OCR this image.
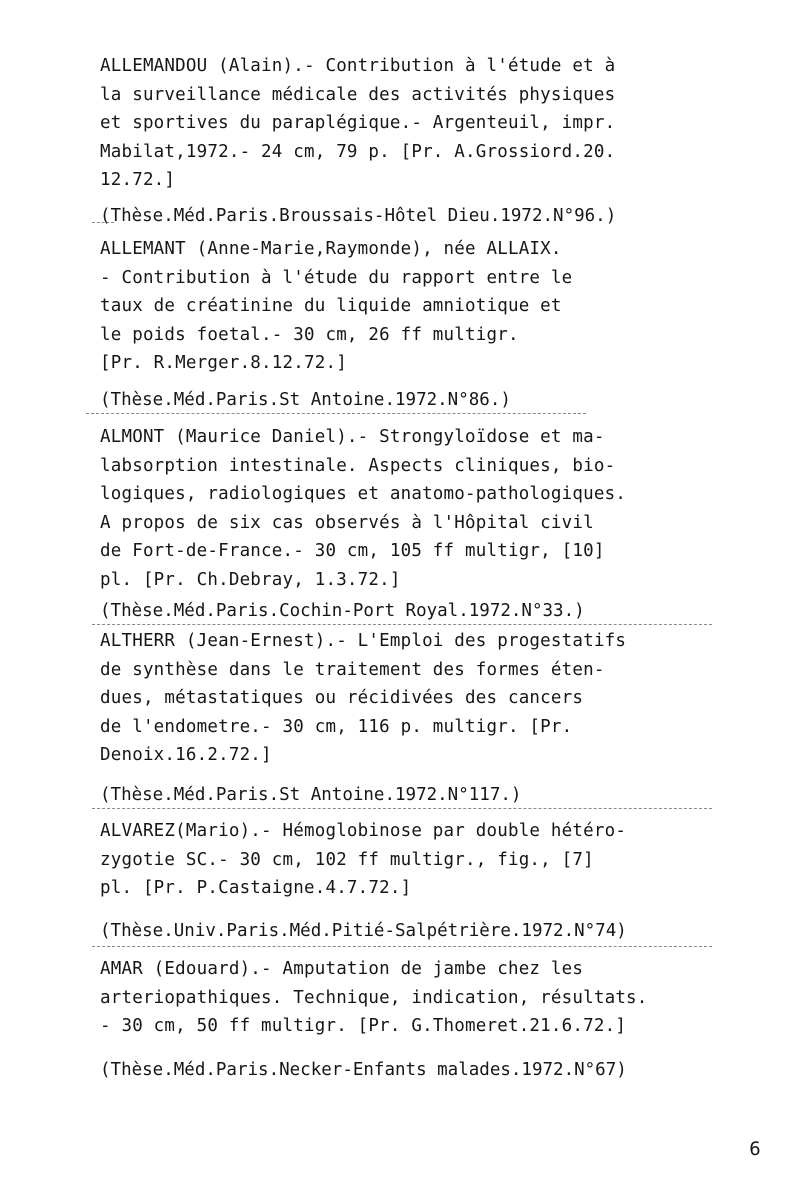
ALLEMANDOU (Alain).- Contribution à l'étude et à
la surveillance médicale des activités physiques
et sportives du paraplégique.- Argenteuil, impr.
Mabilat,1972.- 24 cm, 79 p. [Pr. A.Grossiord.20.
12.72.]
(Thèse.Méd.Paris.Broussais-Hôtel Dieu.1972.N°96.)
ALLEMANT (Anne-Marie,Raymonde), née ALLAIX.
- Contribution à l'étude du rapport entre le
taux de créatinine du liquide amniotique et
le poids foetal.- 30 cm, 26 ff multigr.
[Pr. R.Merger.8.12.72.]
(Thèse.Méd.Paris.St Antoine.1972.N°86.)
ALMONT (Maurice Daniel).- Strongyloïdose et ma-
labsorption intestinale. Aspects cliniques, bio-
logiques, radiologiques et anatomo-pathologiques.
A propos de six cas observés à l'Hôpital civil
de Fort-de-France.- 30 cm, 105 ff multigr, [10]
pl. [Pr. Ch.Debray, 1.3.72.]
(Thèse.Méd.Paris.Cochin-Port Royal.1972.N°33.)
ALTHERR (Jean-Ernest).- L'Emploi des progestatifs
de synthèse dans le traitement des formes éten-
dues, métastatiques ou récidivées des cancers
de l'endometre.- 30 cm, 116 p. multigr. [Pr.
Denoix.16.2.72.]
(Thèse.Méd.Paris.St Antoine.1972.N°117.)
ALVAREZ(Mario).- Hémoglobinose par double hétéro-
zygotie SC.- 30 cm, 102 ff multigr., fig., [7]
pl. [Pr. P.Castaigne.4.7.72.]
(Thèse.Univ.Paris.Méd.Pitié-Salpétrière.1972.N°74)
AMAR (Edouard).- Amputation de jambe chez les
arteriopathiques. Technique, indication, résultats.
- 30 cm, 50 ff multigr. [Pr. G.Thomeret.21.6.72.]
(Thèse.Méd.Paris.Necker-Enfants malades.1972.N°67)
6
